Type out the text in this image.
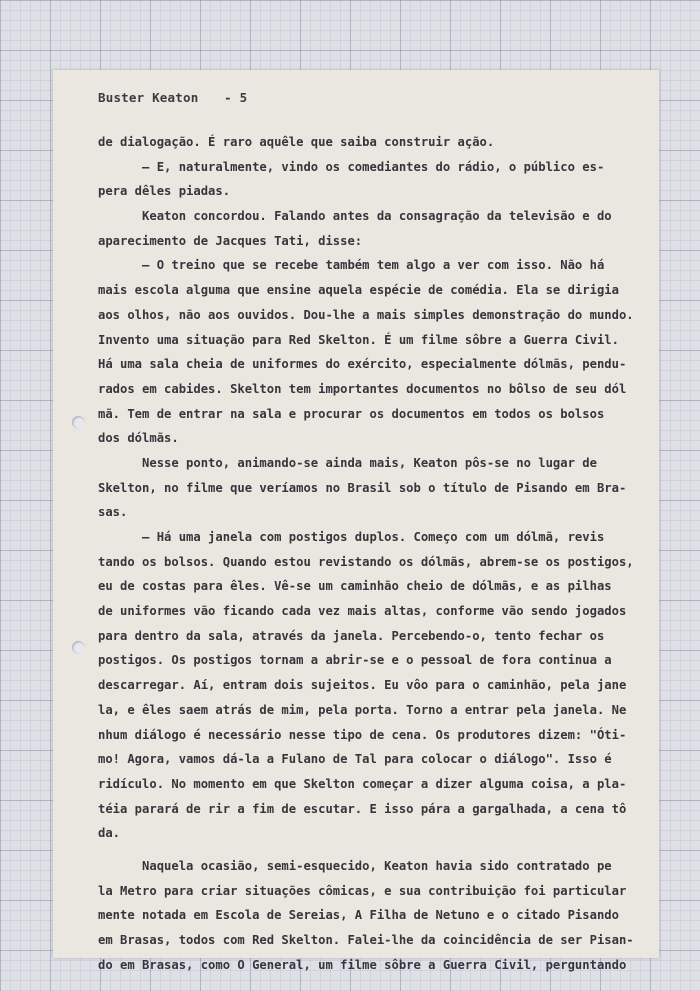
Buster Keaton - 5
de dialogação. É raro aquêle que saiba construir ação.
— E, naturalmente, vindo os comediantes do rádio, o público es-
pera dêles piadas.
Keaton concordou. Falando antes da consagração da televisão e do
aparecimento de Jacques Tati, disse:
— O treino que se recebe também tem algo a ver com isso. Não há
mais escola alguma que ensine aquela espécie de comédia. Ela se dirigia
aos olhos, não aos ouvidos. Dou-lhe a mais simples demonstração do mundo.
Invento uma situação para Red Skelton. É um filme sôbre a Guerra Civil.
Há uma sala cheia de uniformes do exército, especialmente dólmãs, pendu-
rados em cabides. Skelton tem importantes documentos no bôlso de seu dól
mã. Tem de entrar na sala e procurar os documentos em todos os bolsos
dos dólmãs.
Nesse ponto, animando-se ainda mais, Keaton pôs-se no lugar de
Skelton, no filme que veríamos no Brasil sob o título de Pisando em Bra-
sas.
— Há uma janela com postigos duplos. Começo com um dólmã, revis
tando os bolsos. Quando estou revistando os dólmãs, abrem-se os postigos,
eu de costas para êles. Vê-se um caminhão cheio de dólmãs, e as pilhas
de uniformes vão ficando cada vez mais altas, conforme vão sendo jogados
para dentro da sala, através da janela. Percebendo-o, tento fechar os
postigos. Os postigos tornam a abrir-se e o pessoal de fora continua a
descarregar. Aí, entram dois sujeitos. Eu vôo para o caminhão, pela jane
la, e êles saem atrás de mim, pela porta. Torno a entrar pela janela. Ne
nhum diálogo é necessário nesse tipo de cena. Os produtores dizem: "Óti-
mo! Agora, vamos dá-la a Fulano de Tal para colocar o diálogo". Isso é
ridículo. No momento em que Skelton começar a dizer alguma coisa, a pla-
téia parará de rir a fim de escutar. E isso pára a gargalhada, a cena tô
da.
Naquela ocasião, semi-esquecido, Keaton havia sido contratado pe
la Metro para criar situações cômicas, e sua contribuição foi particular
mente notada em Escola de Sereias, A Filha de Netuno e o citado Pisando
em Brasas, todos com Red Skelton. Falei-lhe da coincidência de ser Pisan-
do em Brasas, como O General, um filme sôbre a Guerra Civil, perguntando
